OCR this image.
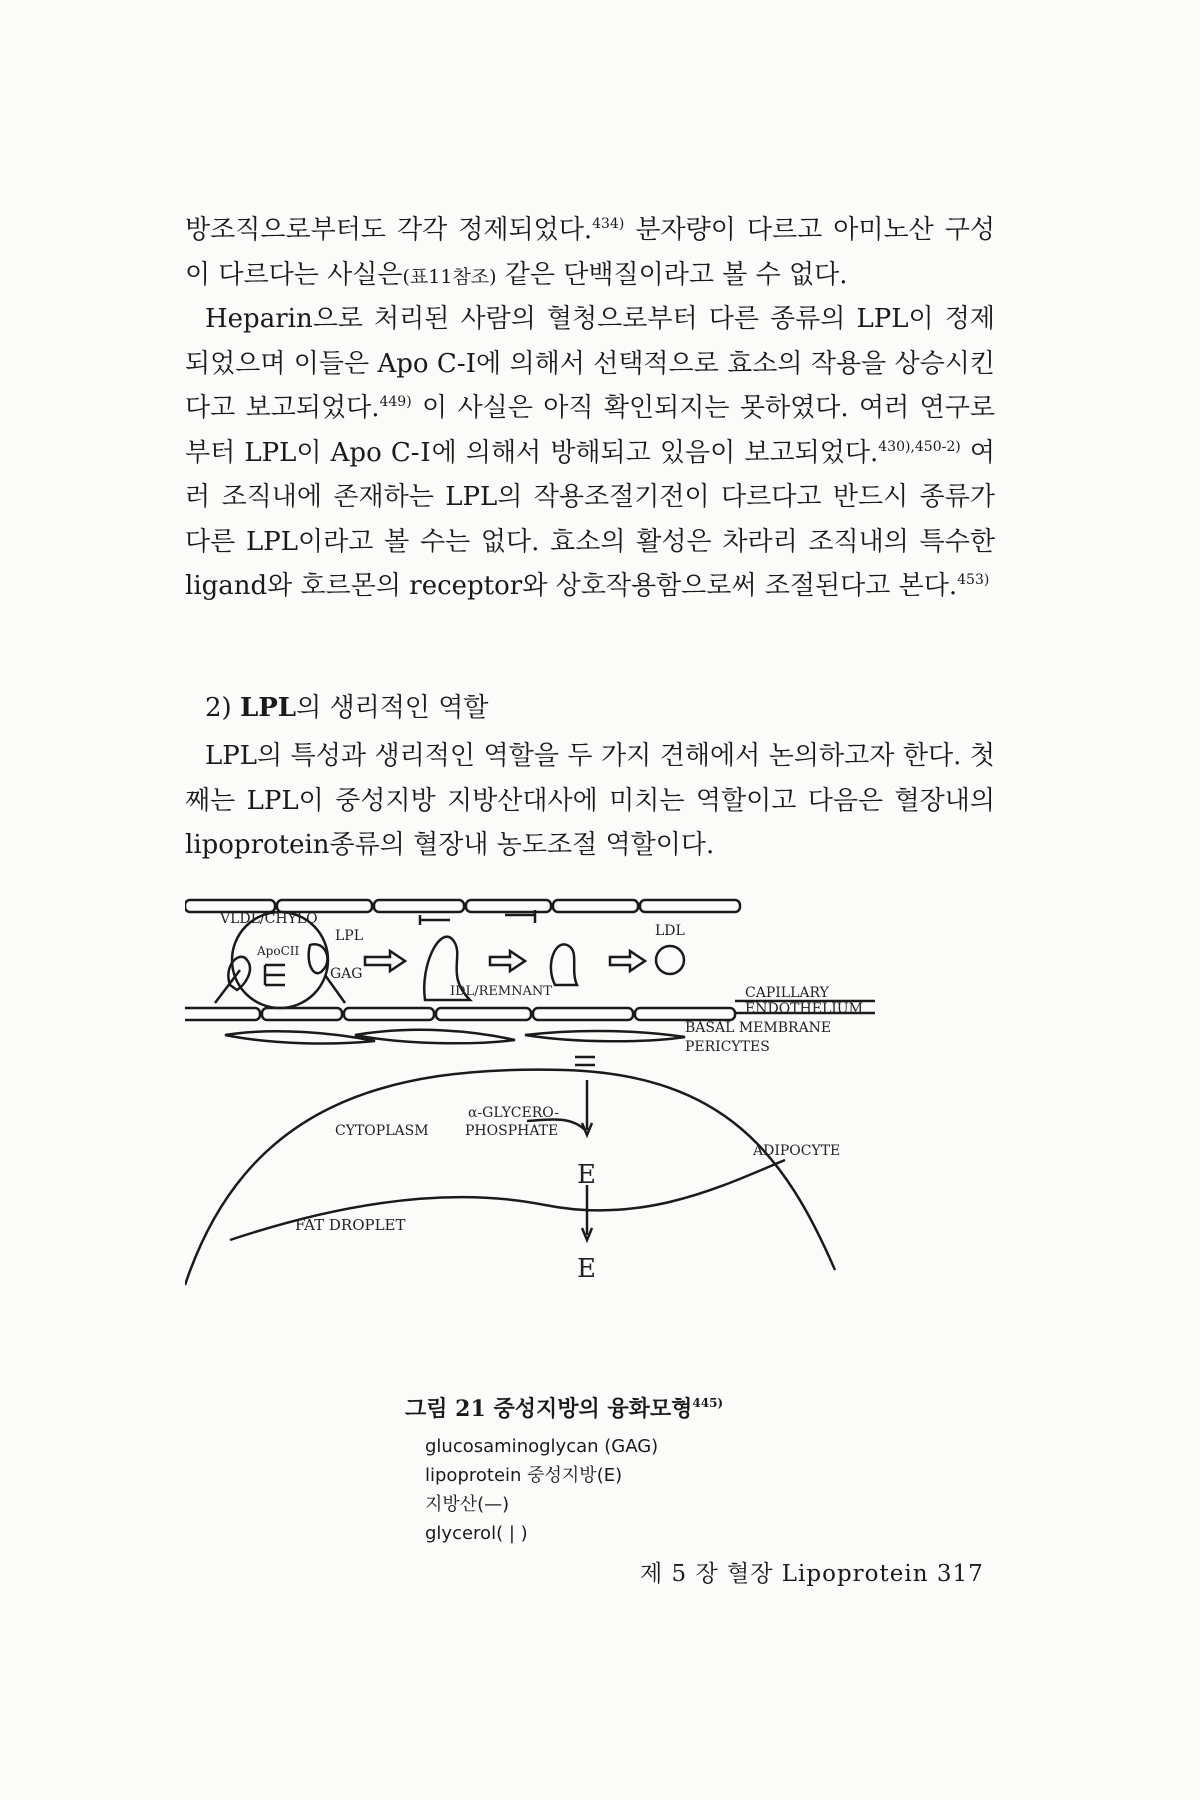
방조직으로부터도 각각 정제되었다.$^{434)}$ 분자량이 다르고 아미노산 구성이 다르다는 사실은(표11참조) 같은 단백질이라고 볼 수 없다.

Heparin으로 처리된 사람의 혈청으로부터 다른 종류의 LPL이 정제되었으며 이들은 Apo C-Ⅰ에 의해서 선택적으로 효소의 작용을 상승시킨다고 보고되었다.$^{449)}$ 이 사실은 아직 확인되지는 못하였다. 여러 연구로부터 LPL이 Apo C-Ⅰ에 의해서 방해되고 있음이 보고되었다.$^{430),450-2)}$ 여러 조직내에 존재하는 LPL의 작용조절기전이 다르다고 반드시 종류가 다른 LPL이라고 볼 수는 없다. 효소의 활성은 차라리 조직내의 특수한 ligand와 호르몬의 receptor와 상호작용함으로써 조절된다고 본다.$^{453)}$

2) LPL의 생리적인 역할

LPL의 특성과 생리적인 역할을 두 가지 견해에서 논의하고자 한다. 첫째는 LPL이 중성지방 지방산대사에 미치는 역할이고 다음은 혈장내의 lipoprotein종류의 혈장내 농도조절 역할이다.

VLDL/CHYLO
LPL
ApoCII
GAG
IDL/REMNANT
LDL
CAPILLARY
ENDOTHELIUM
BASAL MEMBRANE
PERICYTES
α-GLYCERO-
PHOSPHATE
CYTOPLASM
ADIPOCYTE
FAT DROPLET
E
E

그림 21 중성지방의 융화모형$^{445)}$

glucosaminoglycan (GAG)
lipoprotein 중성지방(E)
지방산(—)
glycerol( | )

제 5 장 혈장 Lipoprotein 317
